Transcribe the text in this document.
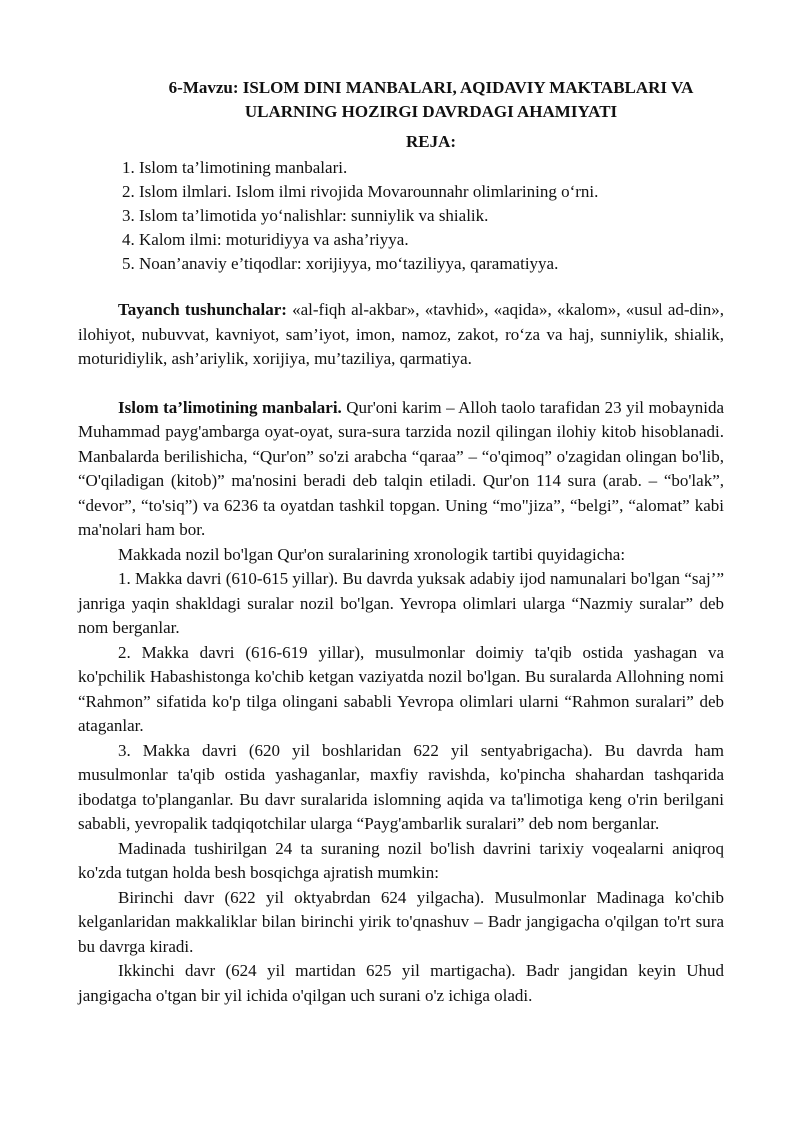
6-Mavzu: ISLOM DINI MANBALARI, AQIDAVIY MAKTABLARI VA
ULARNING HOZIRGI DAVRDAGI AHAMIYATI
REJA:
1. Islom ta’limotining manbalari.
2. Islom ilmlari. Islom ilmi rivojida Movarounnahr olimlarining o‘rni.
3. Islom ta’limotida yo‘nalishlar: sunniylik va shialik.
4. Kalom ilmi: moturidiyya va asha’riyya.
5. Noan’anaviy e’tiqodlar: xorijiyya, mo‘taziliyya, qaramatiyya.

Tayanch tushunchalar: «al-fiqh al-akbar», «tavhid», «aqida», «kalom», «usul ad-din», ilohiyot, nubuvvat, kavniyot, sam’iyot, imon, namoz, zakot, ro‘za va haj, sunniylik, shialik, moturidiylik, ash’ariylik, xorijiya, mu’taziliya, qarmatiya.

Islom ta’limotining manbalari. Qur'oni karim – Alloh taolo tarafidan 23 yil mobaynida Muhammad payg'ambarga oyat-oyat, sura-sura tarzida nozil qilingan ilohiy kitob hisoblanadi. Manbalarda berilishicha, “Qur'on” so'zi arabcha “qaraa” – “o'qimoq” o'zagidan olingan bo'lib, “O'qiladigan (kitob)” ma'nosini beradi deb talqin etiladi. Qur'on 114 sura (arab. – “bo'lak”, “devor”, “to'siq”) va 6236 ta oyatdan tashkil topgan. Uning “mo"jiza”, “belgi”, “alomat” kabi ma'nolari ham bor.

Makkada nozil bo'lgan Qur'on suralarining xronologik tartibi quyidagicha:

1. Makka davri (610-615 yillar). Bu davrda yuksak adabiy ijod namunalari bo'lgan “saj’” janriga yaqin shakldagi suralar nozil bo'lgan. Yevropa olimlari ularga “Nazmiy suralar” deb nom berganlar.

2. Makka davri (616-619 yillar), musulmonlar doimiy ta'qib ostida yashagan va ko'pchilik Habashistonga ko'chib ketgan vaziyatda nozil bo'lgan. Bu suralarda Allohning nomi “Rahmon” sifatida ko'p tilga olingani sababli Yevropa olimlari ularni “Rahmon suralari” deb ataganlar.

3. Makka davri (620 yil boshlaridan 622 yil sentyabrigacha). Bu davrda ham musulmonlar ta'qib ostida yashaganlar, maxfiy ravishda, ko'pincha shahardan tashqarida ibodatga to'planganlar. Bu davr suralarida islomning aqida va ta'limotiga keng o'rin berilgani sababli, yevropalik tadqiqotchilar ularga “Payg'ambarlik suralari” deb nom berganlar.

Madinada tushirilgan 24 ta suraning nozil bo'lish davrini tarixiy voqealarni aniqroq ko'zda tutgan holda besh bosqichga ajratish mumkin:

Birinchi davr (622 yil oktyabrdan 624 yilgacha). Musulmonlar Madinaga ko'chib kelganlaridan makkaliklar bilan birinchi yirik to'qnashuv – Badr jangigacha o'qilgan to'rt sura bu davrga kiradi.

Ikkinchi davr (624 yil martidan 625 yil martigacha). Badr jangidan keyin Uhud jangigacha o'tgan bir yil ichida o'qilgan uch surani o'z ichiga oladi.
